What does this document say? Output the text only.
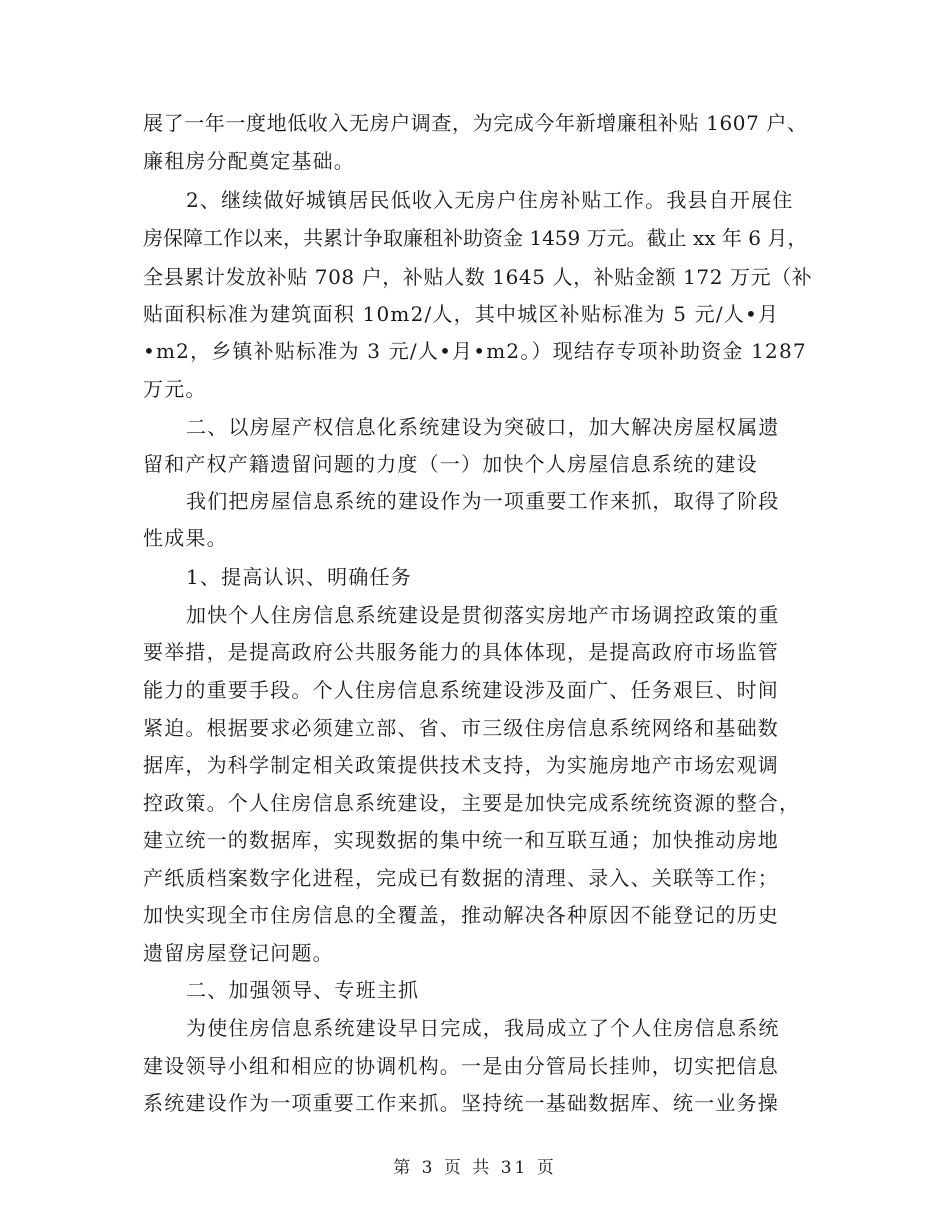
展了一年一度地低收入无房户调查，为完成今年新增廉租补贴 1607 户、
廉租房分配奠定基础。
2、继续做好城镇居民低收入无房户住房补贴工作。我县自开展住
房保障工作以来，共累计争取廉租补助资金 1459 万元。截止 xx 年 6 月，
全县累计发放补贴 708 户，补贴人数 1645 人，补贴金额 172 万元（补
贴面积标准为建筑面积 10m2/人，其中城区补贴标准为 5 元/人•月
•m2，乡镇补贴标准为 3 元/人•月•m2。）现结存专项补助资金 1287
万元。
二、以房屋产权信息化系统建设为突破口，加大解决房屋权属遗
留和产权产籍遗留问题的力度（一）加快个人房屋信息系统的建设
我们把房屋信息系统的建设作为一项重要工作来抓，取得了阶段
性成果。
1、提高认识、明确任务
加快个人住房信息系统建设是贯彻落实房地产市场调控政策的重
要举措，是提高政府公共服务能力的具体体现，是提高政府市场监管
能力的重要手段。个人住房信息系统建设涉及面广、任务艰巨、时间
紧迫。根据要求必须建立部、省、市三级住房信息系统网络和基础数
据库，为科学制定相关政策提供技术支持，为实施房地产市场宏观调
控政策。个人住房信息系统建设，主要是加快完成系统统资源的整合，
建立统一的数据库，实现数据的集中统一和互联互通；加快推动房地
产纸质档案数字化进程，完成已有数据的清理、录入、关联等工作；
加快实现全市住房信息的全覆盖，推动解决各种原因不能登记的历史
遗留房屋登记问题。
二、加强领导、专班主抓
为使住房信息系统建设早日完成，我局成立了个人住房信息系统
建设领导小组和相应的协调机构。一是由分管局长挂帅，切实把信息
系统建设作为一项重要工作来抓。坚持统一基础数据库、统一业务操
第 3 页 共 31 页
